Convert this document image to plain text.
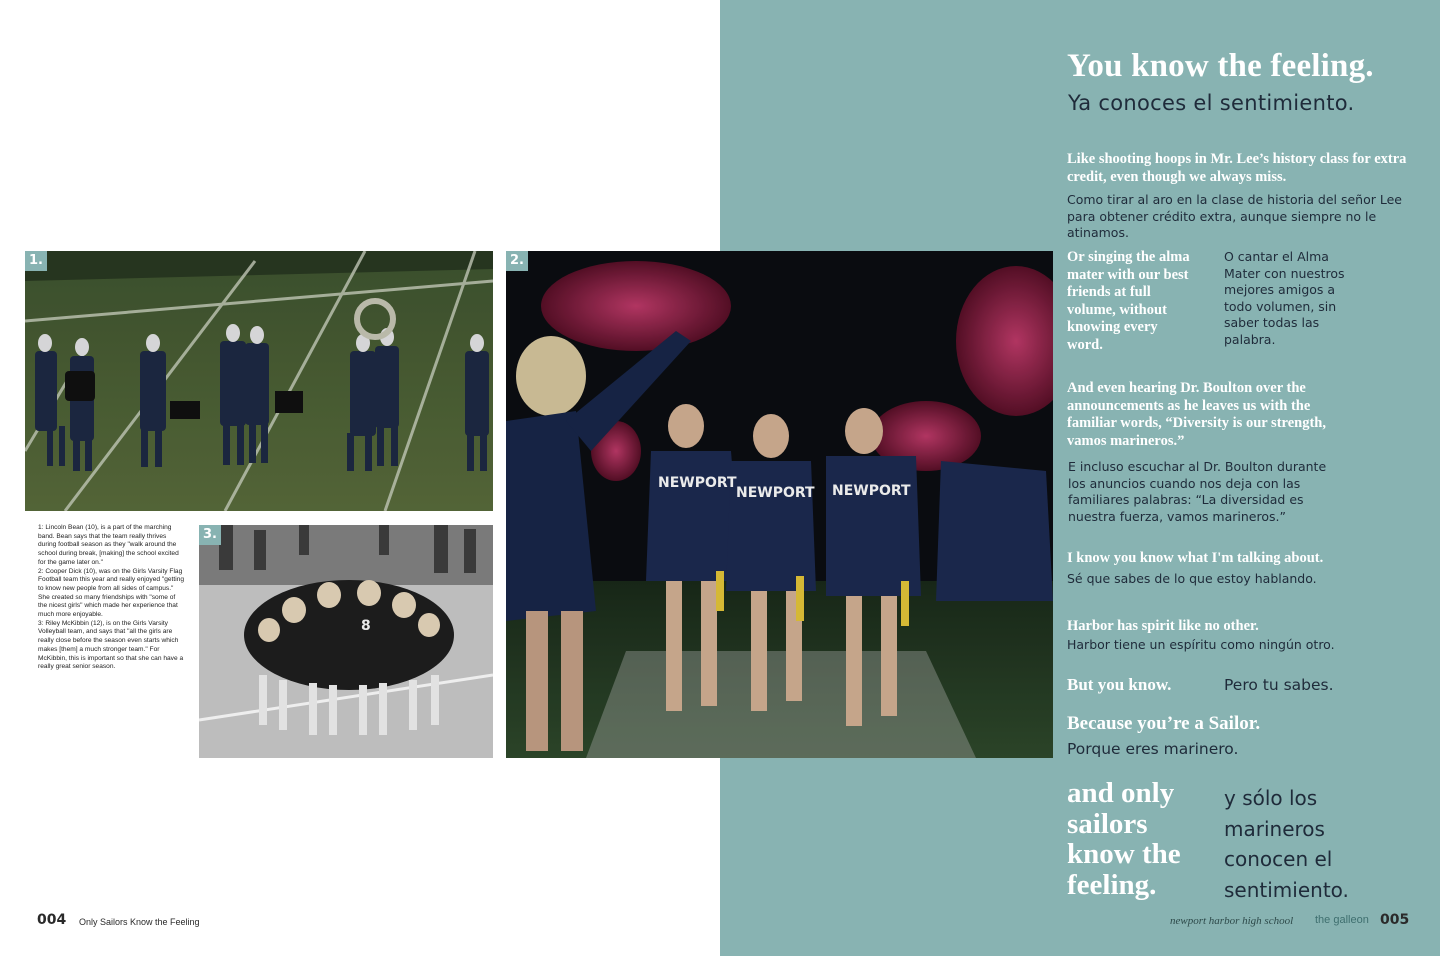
1.
8
3.
NEWPORT
NEWPORT NEWPORT
2.

1: Lincoln Bean (10), is a part of the marching band. Bean says that the team really thrives during football season as they "walk around the school during break, [making] the school excited for the game later on."

2: Cooper Dick (10), was on the Girls Varsity Flag Football team this year and really enjoyed "getting to know new people from all sides of campus." She created so many friendships with "some of the nicest girls" which made her experience that much more enjoyable.

3: Riley McKibbin (12), is on the Girls Varsity Volleyball team, and says that "all the girls are really close before the season even starts which makes [them] a much stronger team." For McKibbin, this is important so that she can have a really great senior season.

004 Only Sailors Know the Feeling
You know the feeling.
Ya conoces el sentimiento.
Like shooting hoops in Mr. Lee’s history class for extra credit, even though we always miss.
Como tirar al aro en la clase de historia del señor Lee para obtener crédito extra, aunque siempre no le atinamos.
Or singing the alma mater with our best friends at full volume, without knowing every word.
O cantar el Alma Mater con nuestros mejores amigos a todo volumen, sin saber todas las palabra.
And even hearing Dr. Boulton over the announcements as he leaves us with the familiar words, “Diversity is our strength, vamos marineros.”
E incluso escuchar al Dr. Boulton durante los anuncios cuando nos deja con las familiares palabras: “La diversidad es nuestra fuerza, vamos marineros.”
I know you know what I'm talking about.
Sé que sabes de lo que estoy hablando.
Harbor has spirit like no other.
Harbor tiene un espíritu como ningún otro.
But you know.	Pero tu sabes.
Because you’re a Sailor.
Porque eres marinero.
and only sailors know the feeling.
y sólo los marineros conocen el sentimiento.
newport harbor high school the galleon 005
